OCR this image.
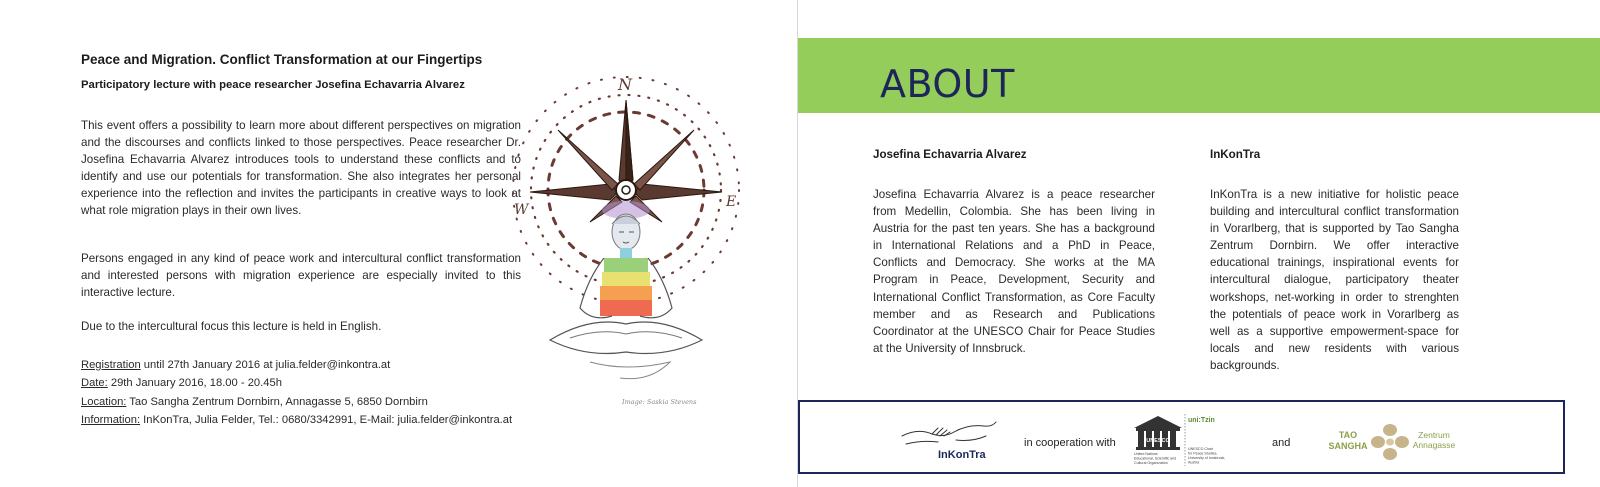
Peace and Migration. Conflict Transformation at our Fingertips
Participatory lecture with peace researcher Josefina Echavarria Alvarez

This event offers a possibility to learn more about different perspectives on migration and the discourses and conflicts linked to those perspectives. Peace researcher Dr. Josefina Echavarria Alvarez introduces tools to understand these conflicts and to identify and use our potentials for transformation. She also integrates her personal experience into the reflection and invites the participants in creative ways to look at what role migration plays in their own lives.

Persons engaged in any kind of peace work and intercultural conflict transformation and interested persons with migration experience are especially invited to this interactive lecture.

Due to the intercultural focus this lecture is held in English.

Registration until 27th January 2016 at julia.felder@inkontra.at
Date: 29th January 2016, 18.00 - 20.45h
Location: Tao Sangha Zentrum Dornbirn, Annagasse 5, 6850 Dornbirn
Information: InKonTra, Julia Felder, Tel.: 0680/3342991, E-Mail: julia.felder@inkontra.at
N
E
W
Image: Saskia Stevens
ABOUT
Josefina Echavarria Alvarez

Josefina Echavarria Alvarez is a peace researcher from Medellin, Colombia. She has been living in Austria for the past ten years. She has a background in International Relations and a PhD in Peace, Conflicts and Democracy. She works at the MA Program in Peace, Development, Security and International Conflict Transformation, as Core Faculty member and as Research and Publications Coordinator at the UNESCO Chair for Peace Studies at the University of Innsbruck.

InKonTra

InKonTra is a new initiative for holistic peace building and intercultural conflict transformation in Vorarlberg, that is supported by Tao Sangha Zentrum Dornbirn. We offer interactive educational trainings, inspirational events for intercultural dialogue, participatory theater workshops, net-working in order to strenghten the potentials of peace work in Vorarlberg as well as a supportive empowerment-space for locals and new residents with various backgrounds.

InKonTra
in cooperation with	UNESCO
United Nations
Educational, Scientific and
Cultural Organization
uni:Tzin
UNESCO Chair
for Peace Studies,
University of Innsbruck,
Austria
and
TAO
SANGHA
Zentrum
Annagasse
